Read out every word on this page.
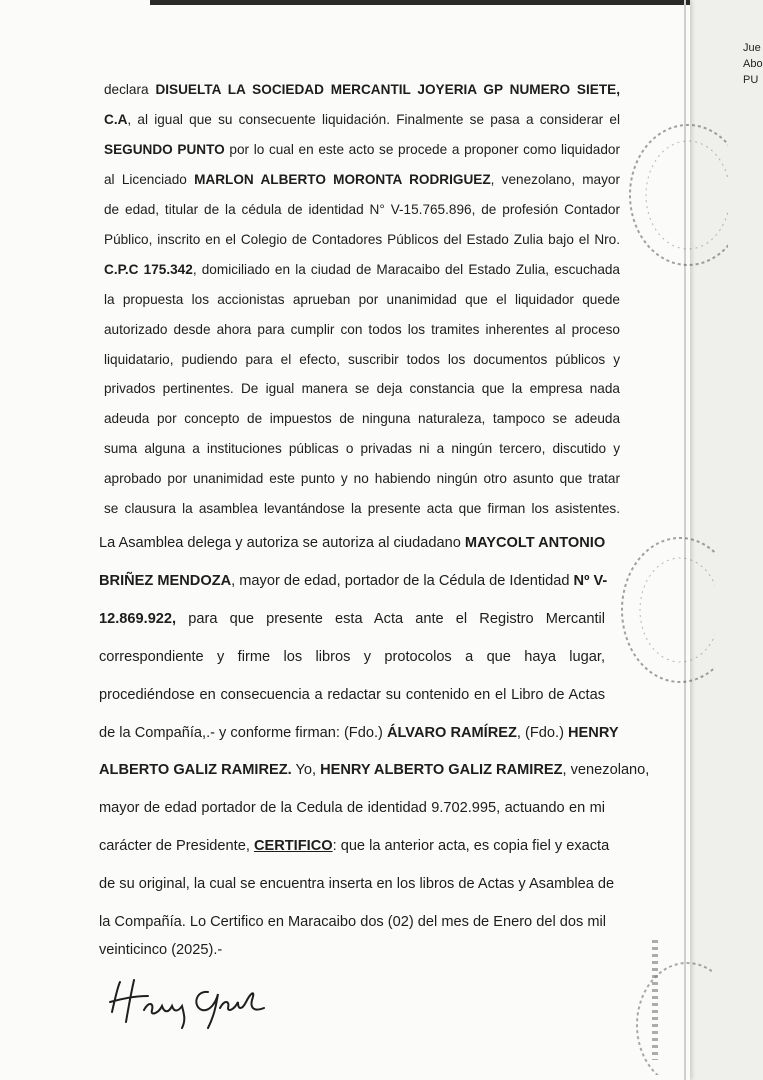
declara DISUELTA LA SOCIEDAD MERCANTIL JOYERIA GP NUMERO SIETE,
C.A, al igual que su consecuente liquidación. Finalmente se pasa a considerar el
SEGUNDO PUNTO por lo cual en este acto se procede a proponer como liquidador
al Licenciado MARLON ALBERTO MORONTA RODRIGUEZ, venezolano, mayor
de edad, titular de la cédula de identidad N° V-15.765.896, de profesión Contador
Público, inscrito en el Colegio de Contadores Públicos del Estado Zulia bajo el Nro.
C.P.C 175.342, domiciliado en la ciudad de Maracaibo del Estado Zulia, escuchada
la propuesta los accionistas aprueban por unanimidad que el liquidador quede
autorizado desde ahora para cumplir con todos los tramites inherentes al proceso
liquidatario, pudiendo para el efecto, suscribir todos los documentos públicos y
privados pertinentes. De igual manera se deja constancia que la empresa nada
adeuda por concepto de impuestos de ninguna naturaleza, tampoco se adeuda
suma alguna a instituciones públicas o privadas ni a ningún tercero, discutido y
aprobado por unanimidad este punto y no habiendo ningún otro asunto que tratar
se clausura la asamblea levantándose la presente acta que firman los asistentes.
La Asamblea delega y autoriza se autoriza al ciudadano MAYCOLT ANTONIO
BRIÑEZ MENDOZA, mayor de edad, portador de la Cédula de Identidad Nº V-
12.869.922, para que presente esta Acta ante el Registro Mercantil
correspondiente y firme los libros y protocolos a que haya lugar,
procediéndose en consecuencia a redactar su contenido en el Libro de Actas
de la Compañía,.- y conforme firman: (Fdo.) ÁLVARO RAMÍREZ, (Fdo.) HENRY
ALBERTO GALIZ RAMIREZ. Yo, HENRY ALBERTO GALIZ RAMIREZ, venezolano,
mayor de edad portador de la Cedula de identidad 9.702.995, actuando en mi
carácter de Presidente, CERTIFICO: que la anterior acta, es copia fiel y exacta
de su original, la cual se encuentra inserta en los libros de Actas y Asamblea de
la Compañía. Lo Certifico en Maracaibo dos (02) del mes de Enero del dos mil
veinticinco (2025).-
Jue
Abo
PU
